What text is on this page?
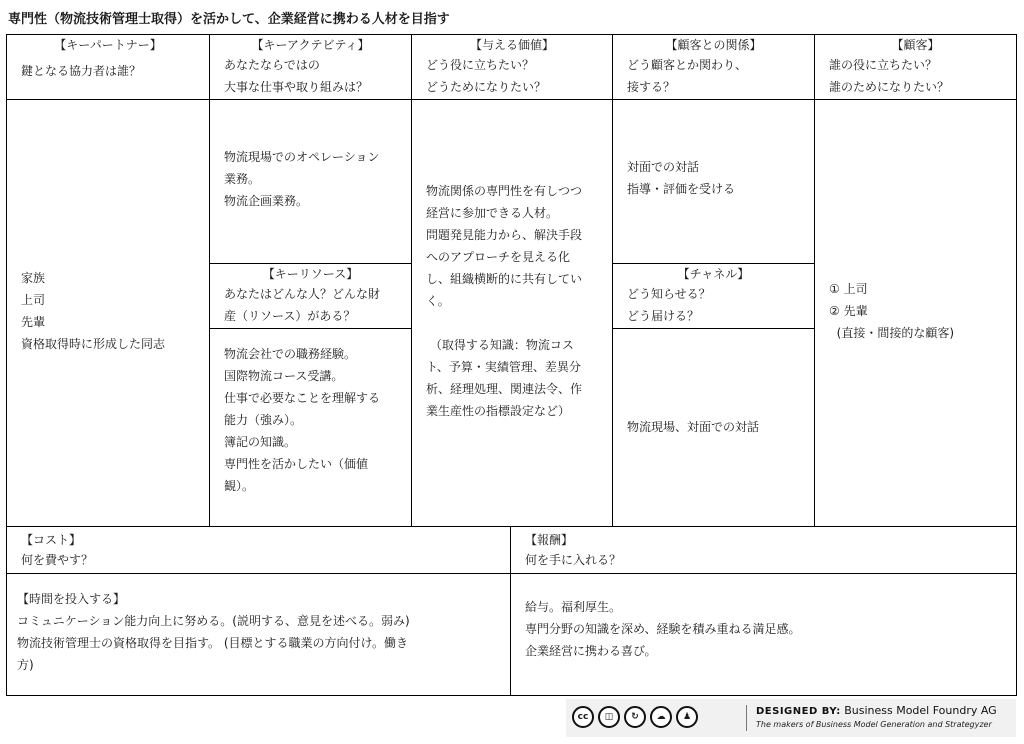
専門性（物流技術管理士取得）を活かして、企業経営に携わる人材を目指す
【キーパートナー】
鍵となる協力者は誰？
家族
上司
先輩
資格取得時に形成した同志
【キーアクテビティ】
あなたならではの
大事な仕事や取り組みは？
物流現場でのオペレーション
業務。
物流企画業務。
【キーリソース】
あなたはどんな人？どんな財
産（リソース）がある？
物流会社での職務経験。
国際物流コース受講。
仕事で必要なことを理解する
能力（強み）。
簿記の知識。
専門性を活かしたい（価値
観）。
【与える価値】
どう役に立ちたい？
どうためになりたい？
物流関係の専門性を有しつつ
経営に参加できる人材。
問題発見能力から、解決手段
へのアプローチを見える化
し、組織横断的に共有してい
く。

（取得する知識：物流コス
ト、予算・実績管理、差異分
析、経理処理、関連法令、作
業生産性の指標設定など）
【顧客との関係】
どう顧客とか関わり、
接する？
対面での対話
指導・評価を受ける
【チャネル】
どう知らせる？
どう届ける？
物流現場、対面での対話
【顧客】
誰の役に立ちたい？
誰のためになりたい？
① 上司
② 先輩
(直接・間接的な顧客)
【コスト】
何を費やす？
【時間を投入する】
コミュニケーション能力向上に努める。(説明する、意見を述べる。弱み)
物流技術管理士の資格取得を目指す。 (目標とする職業の方向付け。働き
方)
【報酬】
何を手に入れる？
給与。福利厚生。
専門分野の知識を深め、経験を積み重ねる満足感。
企業経営に携わる喜び。
cc	◫	↻	☁	♟	DESIGNED BY: Business Model Foundry AG
The makers of Business Model Generation and Strategyzer
